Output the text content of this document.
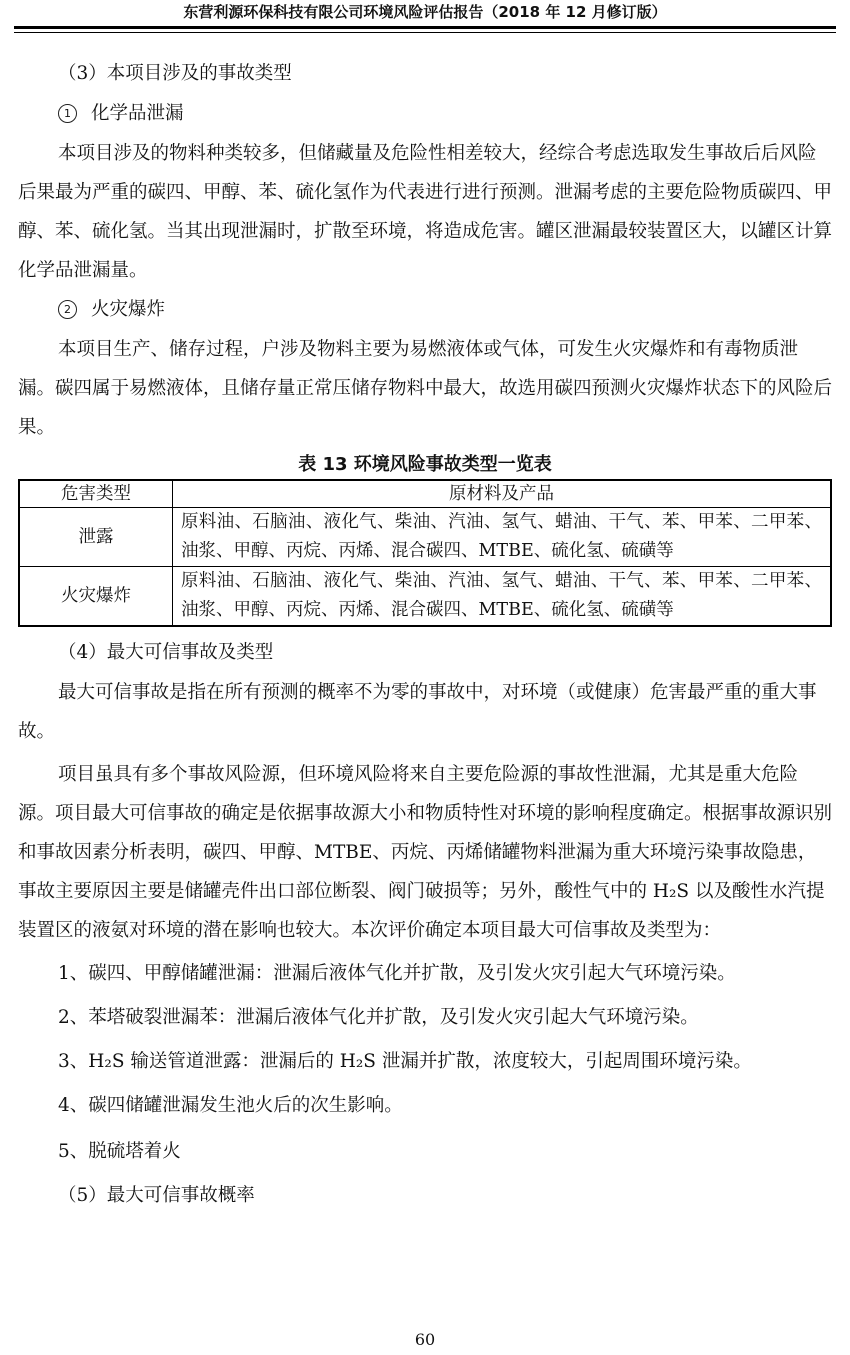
东营利源环保科技有限公司环境风险评估报告（2018 年 12 月修订版）

（3）本项目涉及的事故类型

1 化学品泄漏

本项目涉及的物料种类较多，但储藏量及危险性相差较大，经综合考虑选取发生事故后后风险后果最为严重的碳四、甲醇、苯、硫化氢作为代表进行进行预测。泄漏考虑的主要危险物质碳四、甲醇、苯、硫化氢。当其出现泄漏时，扩散至环境，将造成危害。罐区泄漏最较装置区大，以罐区计算化学品泄漏量。

2 火灾爆炸

本项目生产、储存过程，户涉及物料主要为易燃液体或气体，可发生火灾爆炸和有毒物质泄漏。碳四属于易燃液体，且储存量正常压储存物料中最大，故选用碳四预测火灾爆炸状态下的风险后果。

表 13 环境风险事故类型一览表
危害类型	原材料及产品
泄露	原料油、石脑油、液化气、柴油、汽油、氢气、蜡油、干气、苯、甲苯、二甲苯、油浆、甲醇、丙烷、丙烯、混合碳四、MTBE、硫化氢、硫磺等
火灾爆炸	原料油、石脑油、液化气、柴油、汽油、氢气、蜡油、干气、苯、甲苯、二甲苯、油浆、甲醇、丙烷、丙烯、混合碳四、MTBE、硫化氢、硫磺等

（4）最大可信事故及类型

最大可信事故是指在所有预测的概率不为零的事故中，对环境（或健康）危害最严重的重大事故。

项目虽具有多个事故风险源，但环境风险将来自主要危险源的事故性泄漏，尤其是重大危险源。项目最大可信事故的确定是依据事故源大小和物质特性对环境的影响程度确定。根据事故源识别和事故因素分析表明，碳四、甲醇、MTBE、丙烷、丙烯储罐物料泄漏为重大环境污染事故隐患，事故主要原因主要是储罐壳件出口部位断裂、阀门破损等；另外，酸性气中的 H₂S 以及酸性水汽提装置区的液氨对环境的潜在影响也较大。本次评价确定本项目最大可信事故及类型为：

1、碳四、甲醇储罐泄漏：泄漏后液体气化并扩散，及引发火灾引起大气环境污染。

2、苯塔破裂泄漏苯：泄漏后液体气化并扩散，及引发火灾引起大气环境污染。

3、H₂S 输送管道泄露：泄漏后的 H₂S 泄漏并扩散，浓度较大，引起周围环境污染。

4、碳四储罐泄漏发生池火后的次生影响。

5、脱硫塔着火

（5）最大可信事故概率

60
